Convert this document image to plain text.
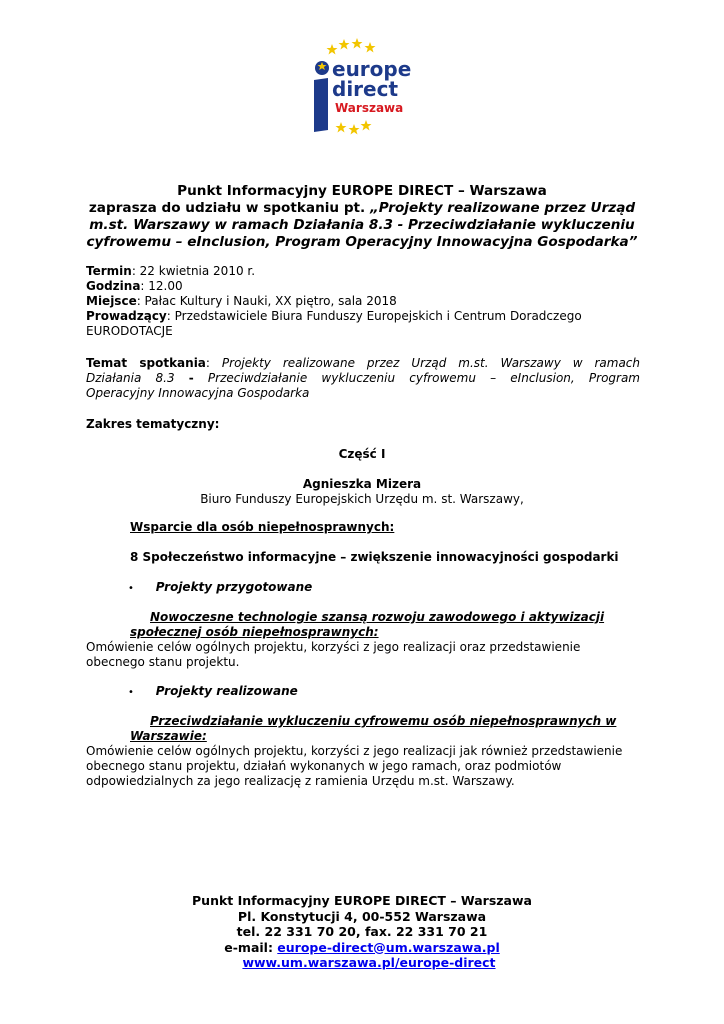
europe
direct
Warszawa
Punkt Informacyjny EUROPE DIRECT – Warszawa
zaprasza do udziału w spotkaniu pt. „Projekty realizowane przez Urząd
m.st. Warszawy w ramach Działania 8.3 - Przeciwdziałanie wykluczeniu
cyfrowemu – eInclusion, Program Operacyjny Innowacyjna Gospodarka”
Termin: 22 kwietnia 2010 r.
Godzina: 12.00
Miejsce: Pałac Kultury i Nauki, XX piętro, sala 2018
Prowadzący: Przedstawiciele Biura Funduszy Europejskich i Centrum Doradczego
EURODOTACJE
Temat spotkania: Projekty realizowane przez Urząd m.st. Warszawy w ramach
Działania 8.3 - Przeciwdziałanie wykluczeniu cyfrowemu – eInclusion, Program
Operacyjny Innowacyjna Gospodarka
Zakres tematyczny:
Część I
Agnieszka Mizera
Biuro Funduszy Europejskich Urzędu m. st. Warszawy,
Wsparcie dla osób niepełnosprawnych:
8 Społeczeństwo informacyjne – zwiększenie innowacyjności gospodarki
• Projekty przygotowane
Nowoczesne technologie szansą rozwoju zawodowego i aktywizacji
społecznej osób niepełnosprawnych:
Omówienie celów ogólnych projektu, korzyści z jego realizacji oraz przedstawienie
obecnego stanu projektu.
• Projekty realizowane
Przeciwdziałanie wykluczeniu cyfrowemu osób niepełnosprawnych w
Warszawie:
Omówienie celów ogólnych projektu, korzyści z jego realizacji jak również przedstawienie
obecnego stanu projektu, działań wykonanych w jego ramach, oraz podmiotów
odpowiedzialnych za jego realizację z ramienia Urzędu m.st. Warszawy.
Punkt Informacyjny EUROPE DIRECT – Warszawa
Pl. Konstytucji 4, 00-552 Warszawa
tel. 22 331 70 20, fax. 22 331 70 21
e-mail: europe-direct@um.warszawa.pl
www.um.warszawa.pl/europe-direct
